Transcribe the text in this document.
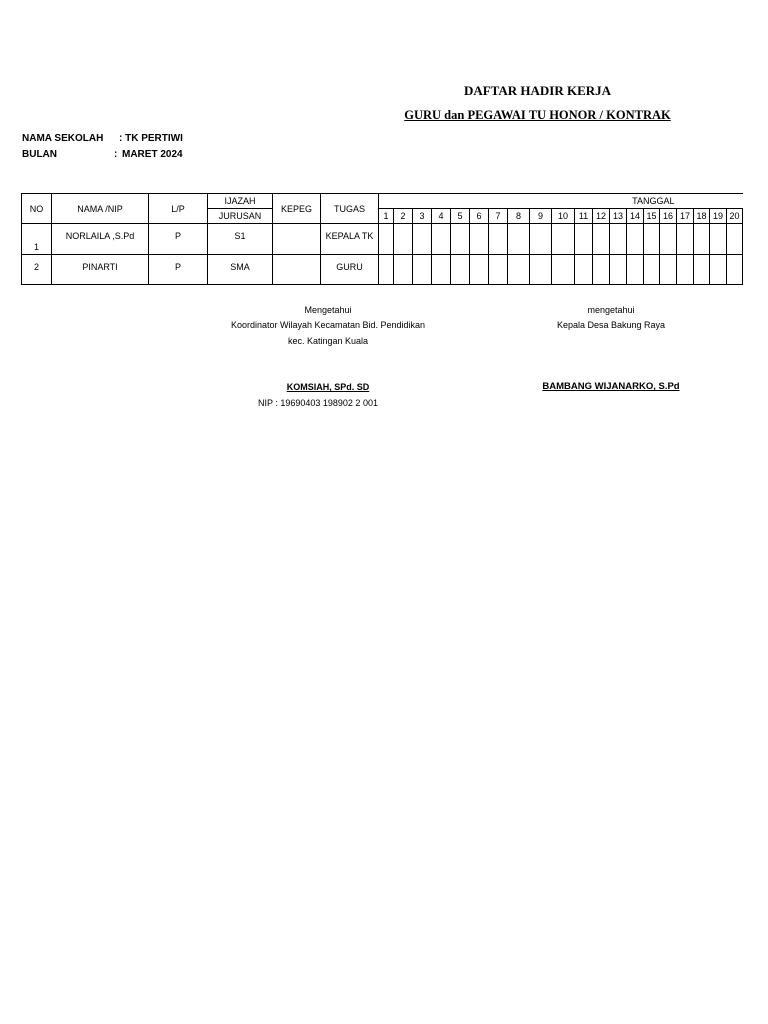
DAFTAR HADIR KERJA
GURU dan PEGAWAI TU HONOR / KONTRAK
NAMA SEKOLAH : TK PERTIWI
BULAN	: MARET 2024
NO	NAMA /NIP	L/P	IJAZAH	KEPEG	TUGAS	TANGGAL																			
			JURUSAN			1	2	3	4	5	6	7	8	9	10	11	12	13	14	15	16	17	18	19	20
1	NORLAILA ,S.Pd	P	S1		KEPALA TK																				
2	PINARTI	P	SMA		GURU																				
Mengetahui
Koordinator Wilayah Kecamatan Bid. Pendidikan
kec. Katingan Kuala
KOMSIAH, SPd. SD
NIP : 19690403 198902 2 001
mengetahui
Kepala Desa Bakung Raya
BAMBANG WIJANARKO, S.Pd
